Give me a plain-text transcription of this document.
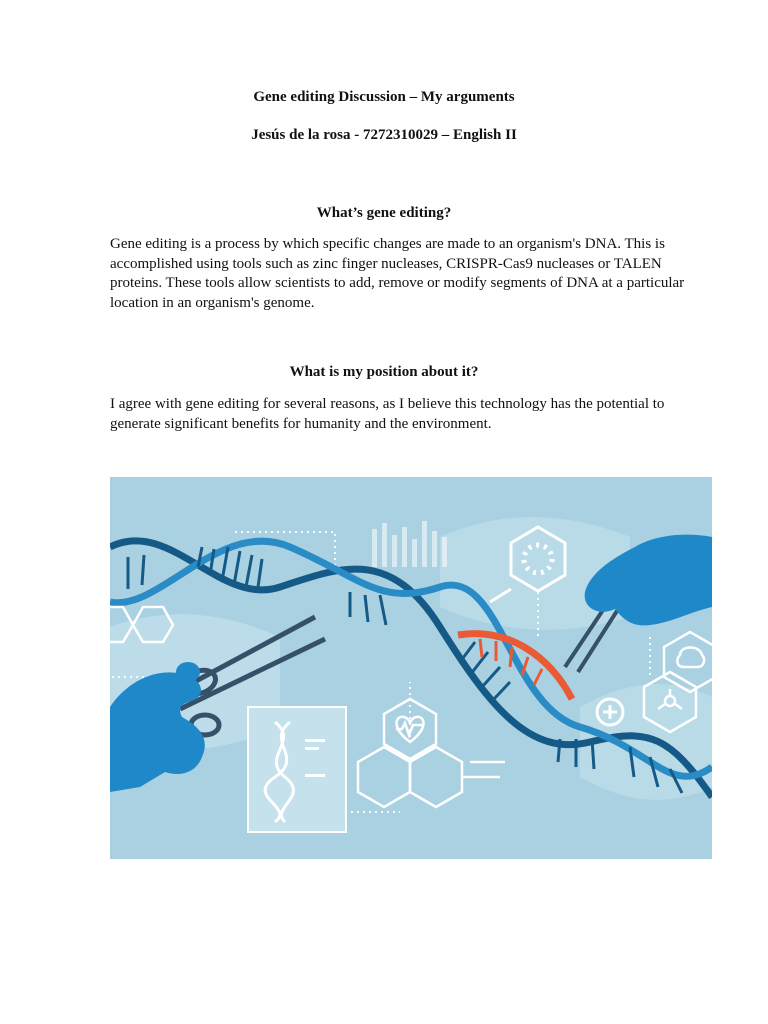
Gene editing Discussion – My arguments
Jesús de la rosa - 7272310029 – English II
What’s gene editing?

Gene editing is a process by which specific changes are made to an organism's DNA. This is accomplished using tools such as zinc finger nucleases, CRISPR-Cas9 nucleases or TALEN proteins. These tools allow scientists to add, remove or modify segments of DNA at a particular location in an organism's genome.

What is my position about it?

I agree with gene editing for several reasons, as I believe this technology has the potential to generate significant benefits for humanity and the environment.
